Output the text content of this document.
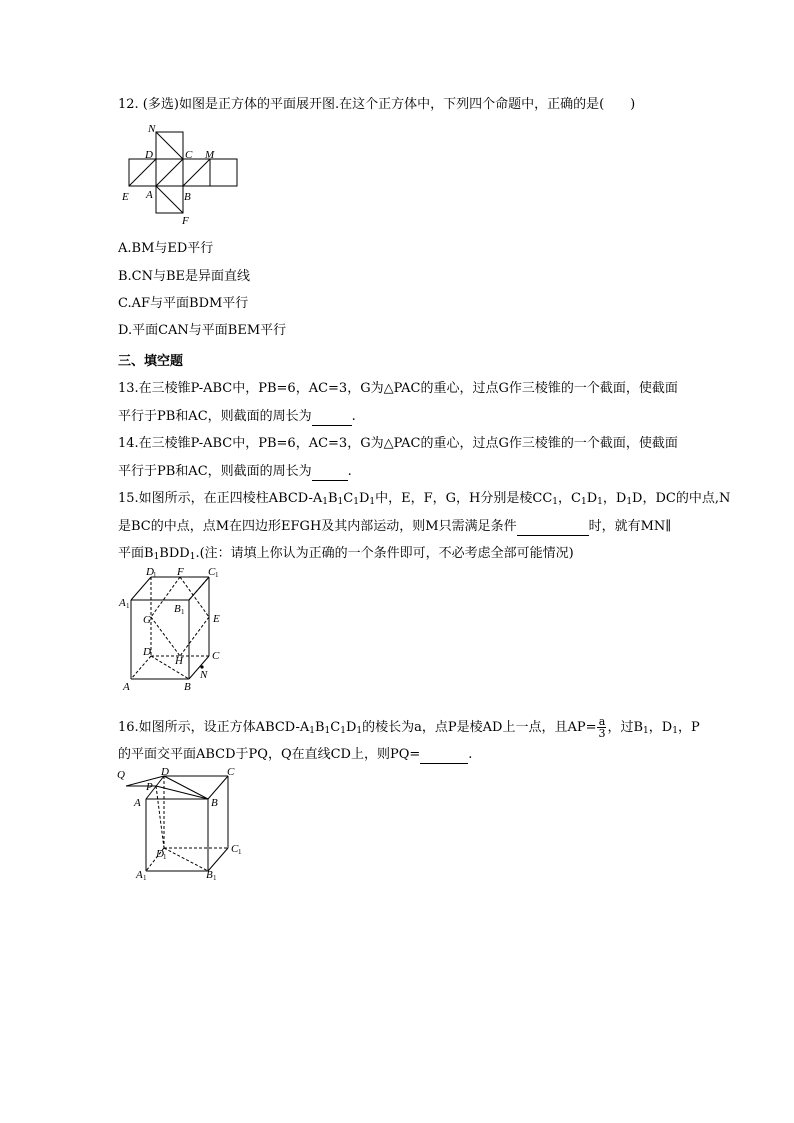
12. (多选)如图是正方体的平面展开图.在这个正方体中，下列四个命题中，正确的是(　　)
N
D	C M
E A	B
F
A.BM与ED平行
B.CN与BE是异面直线
C.AF与平面BDM平行
D.平面CAN与平面BEM平行
三、填空题
13.在三棱锥P-ABC中，PB=6，AC=3，G为△PAC的重心，过点G作三棱锥的一个截面，使截面
平行于PB和AC，则截面的周长为	.
14.在三棱锥P-ABC中，PB=6，AC=3，G为△PAC的重心，过点G作三棱锥的一个截面，使截面
平行于PB和AC，则截面的周长为	.
15.如图所示，在正四棱柱ABCD-$A_1B_1C_1D_1$中，E，F，G，H分别是棱$CC_1$，$C_1D_1$，$D_1D$，DC的中点,N
是BC的中点，点M在四边形EFGH及其内部运动，则M只需满足条件	时，就有MN∥
平面$B_1BDD_1$.(注：请填上你认为正确的一个条件即可，不必考虑全部可能情况)
D 1 F C 1
A 1	B 1
G	E
D
H	C
A	B
N
16.如图所示，设正方体ABCD-$A_1B_1C_1D_1$的棱长为a，点P是棱AD上一点，且$AP= \frac{a}{3}$ ，过$B_1$，$D_1$，P
的平面交平面ABCD于PQ，Q在直线CD上，则PQ=	.
Q	D	C
P
A	B
D 1
C 1
A 1	B 1
